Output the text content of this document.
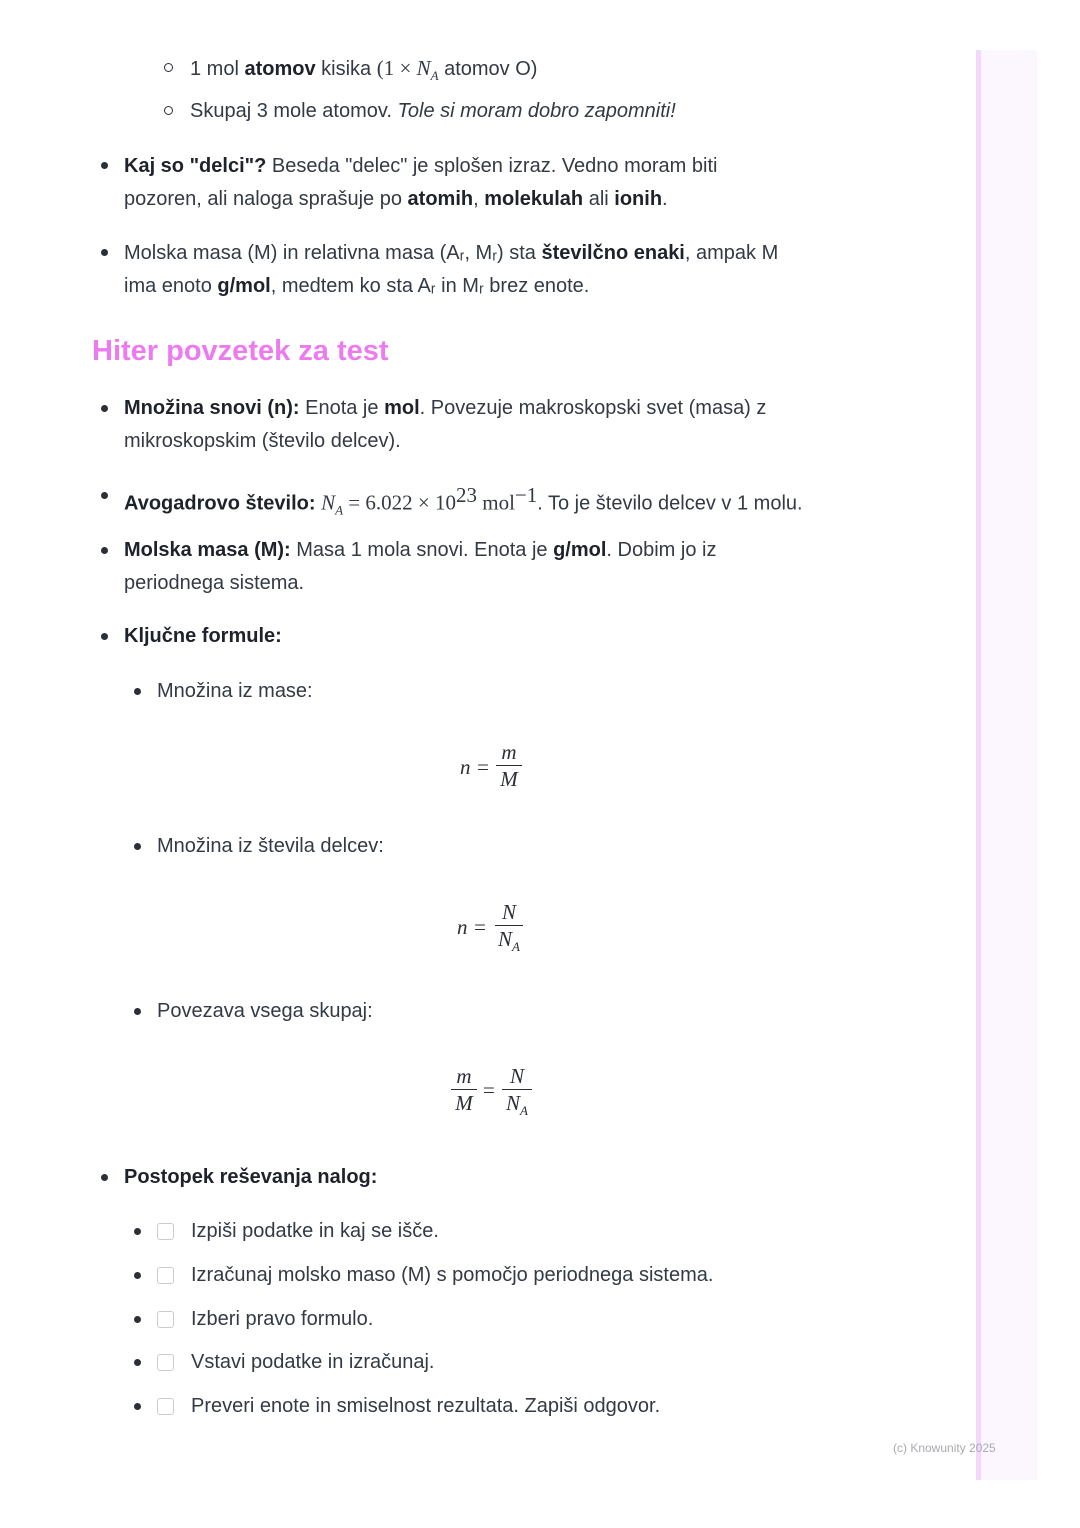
1 mol atomov kisika ($1 \times N_A$ atomov O)
Skupaj 3 mole atomov. Tole si moram dobro zapomniti!
Kaj so "delci"? Beseda "delec" je splošen izraz. Vedno moram biti
pozoren, ali naloga sprašuje po atomih, molekulah ali ionih.
Molska masa (M) in relativna masa (Aᵣ, Mᵣ) sta številčno enaki, ampak M
ima enoto g/mol, medtem ko sta Aᵣ in Mᵣ brez enote.
Hiter povzetek za test
Množina snovi (n): Enota je mol. Povezuje makroskopski svet (masa) z
mikroskopskim (število delcev).
Avogadrovo število: $N_A = 6.022 \times 10^{23}$ mol$^{-1}$. To je število delcev v 1 molu.
Molska masa (M): Masa 1 mola snovi. Enota je g/mol. Dobim jo iz
periodnega sistema.
Ključne formule:
Množina iz mase:
n =
m
M
Množina iz števila delcev:
n =
N
$N_A$
Povezava vsega skupaj:
m
M
=
N
$N_A$
Postopek reševanja nalog:
Izpiši podatke in kaj se išče.
Izračunaj molsko maso (M) s pomočjo periodnega sistema.
Izberi pravo formulo.
Vstavi podatke in izračunaj.
Preveri enote in smiselnost rezultata. Zapiši odgovor.
(c) Knowunity 2025
